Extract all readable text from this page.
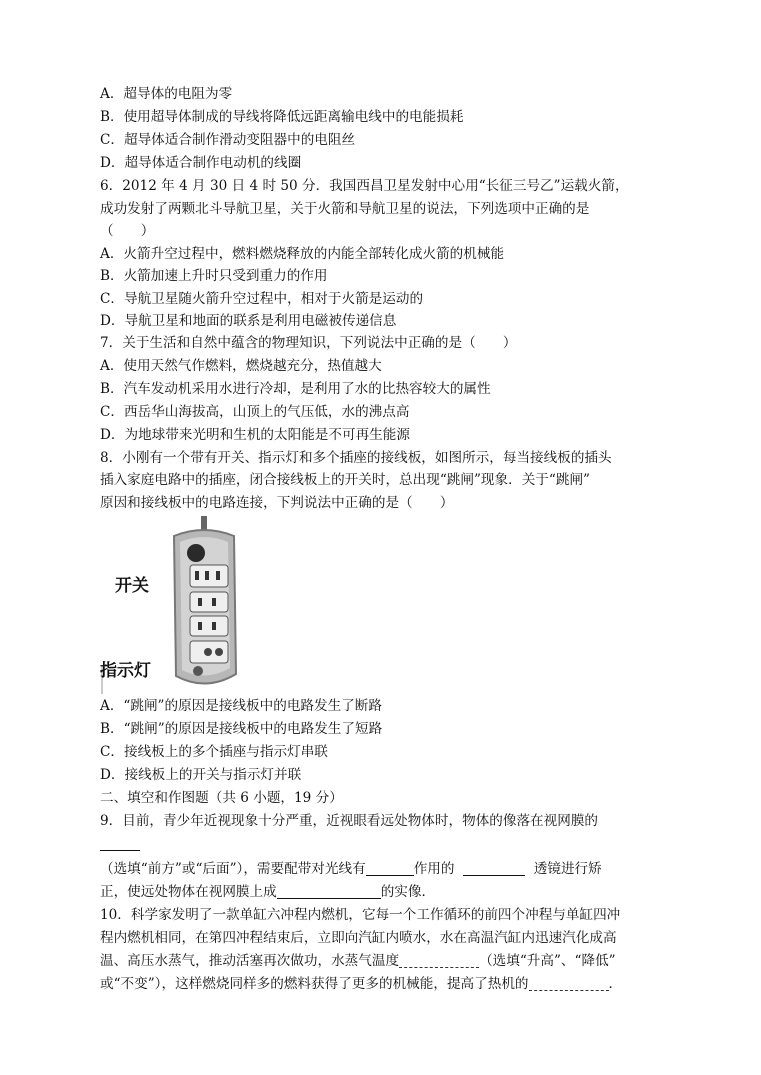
A．超导体的电阻为零
B．使用超导体制成的导线将降低远距离输电线中的电能损耗
C．超导体适合制作滑动变阻器中的电阻丝
D．超导体适合制作电动机的线圈
6．2012 年 4 月 30 日 4 时 50 分．我国西昌卫星发射中心用“长征三号乙”运载火箭，
成功发射了两颗北斗导航卫星，关于火箭和导航卫星的说法，下列选项中正确的是
（　　）
A．火箭升空过程中，燃料燃烧释放的内能全部转化成火箭的机械能
B．火箭加速上升时只受到重力的作用
C．导航卫星随火箭升空过程中，相对于火箭是运动的
D．导航卫星和地面的联系是利用电磁被传递信息
7．关于生活和自然中蕴含的物理知识，下列说法中正确的是（　　）
A．使用天然气作燃料，燃烧越充分，热值越大
B．汽车发动机采用水进行冷却，是利用了水的比热容较大的属性
C．西岳华山海拔高，山顶上的气压低，水的沸点高
D．为地球带来光明和生机的太阳能是不可再生能源
8．小刚有一个带有开关、指示灯和多个插座的接线板，如图所示，每当接线板的插头
插入家庭电路中的插座，闭合接线板上的开关时，总出现“跳闸”现象．关于“跳闸”
原因和接线板中的电路连接，下判说法中正确的是（　　）
开关
指示灯
A．“跳闸”的原因是接线板中的电路发生了断路
B．“跳闸”的原因是接线板中的电路发生了短路
C．接线板上的多个插座与指示灯串联
D．接线板上的开关与指示灯并联
二、填空和作图题（共 6 小题，19 分）
9．目前，青少年近视现象十分严重，近视眼看远处物体时，物体的像落在视网膜的
（选填“前方”或“后面”），需要配带对光线有	作用的	透镜进行矫
正，使远处物体在视网膜上成	的实像．
10．科学家发明了一款单缸六冲程内燃机，它每一个工作循环的前四个冲程与单缸四冲
程内燃机相同，在第四冲程结束后，立即向汽缸内喷水，水在高温汽缸内迅速汽化成高
温、高压水蒸气，推动活塞再次做功，水蒸气温度	（选填“升高”、“降低”
或“不变”），这样燃烧同样多的燃料获得了更多的机械能，提高了热机的	．
